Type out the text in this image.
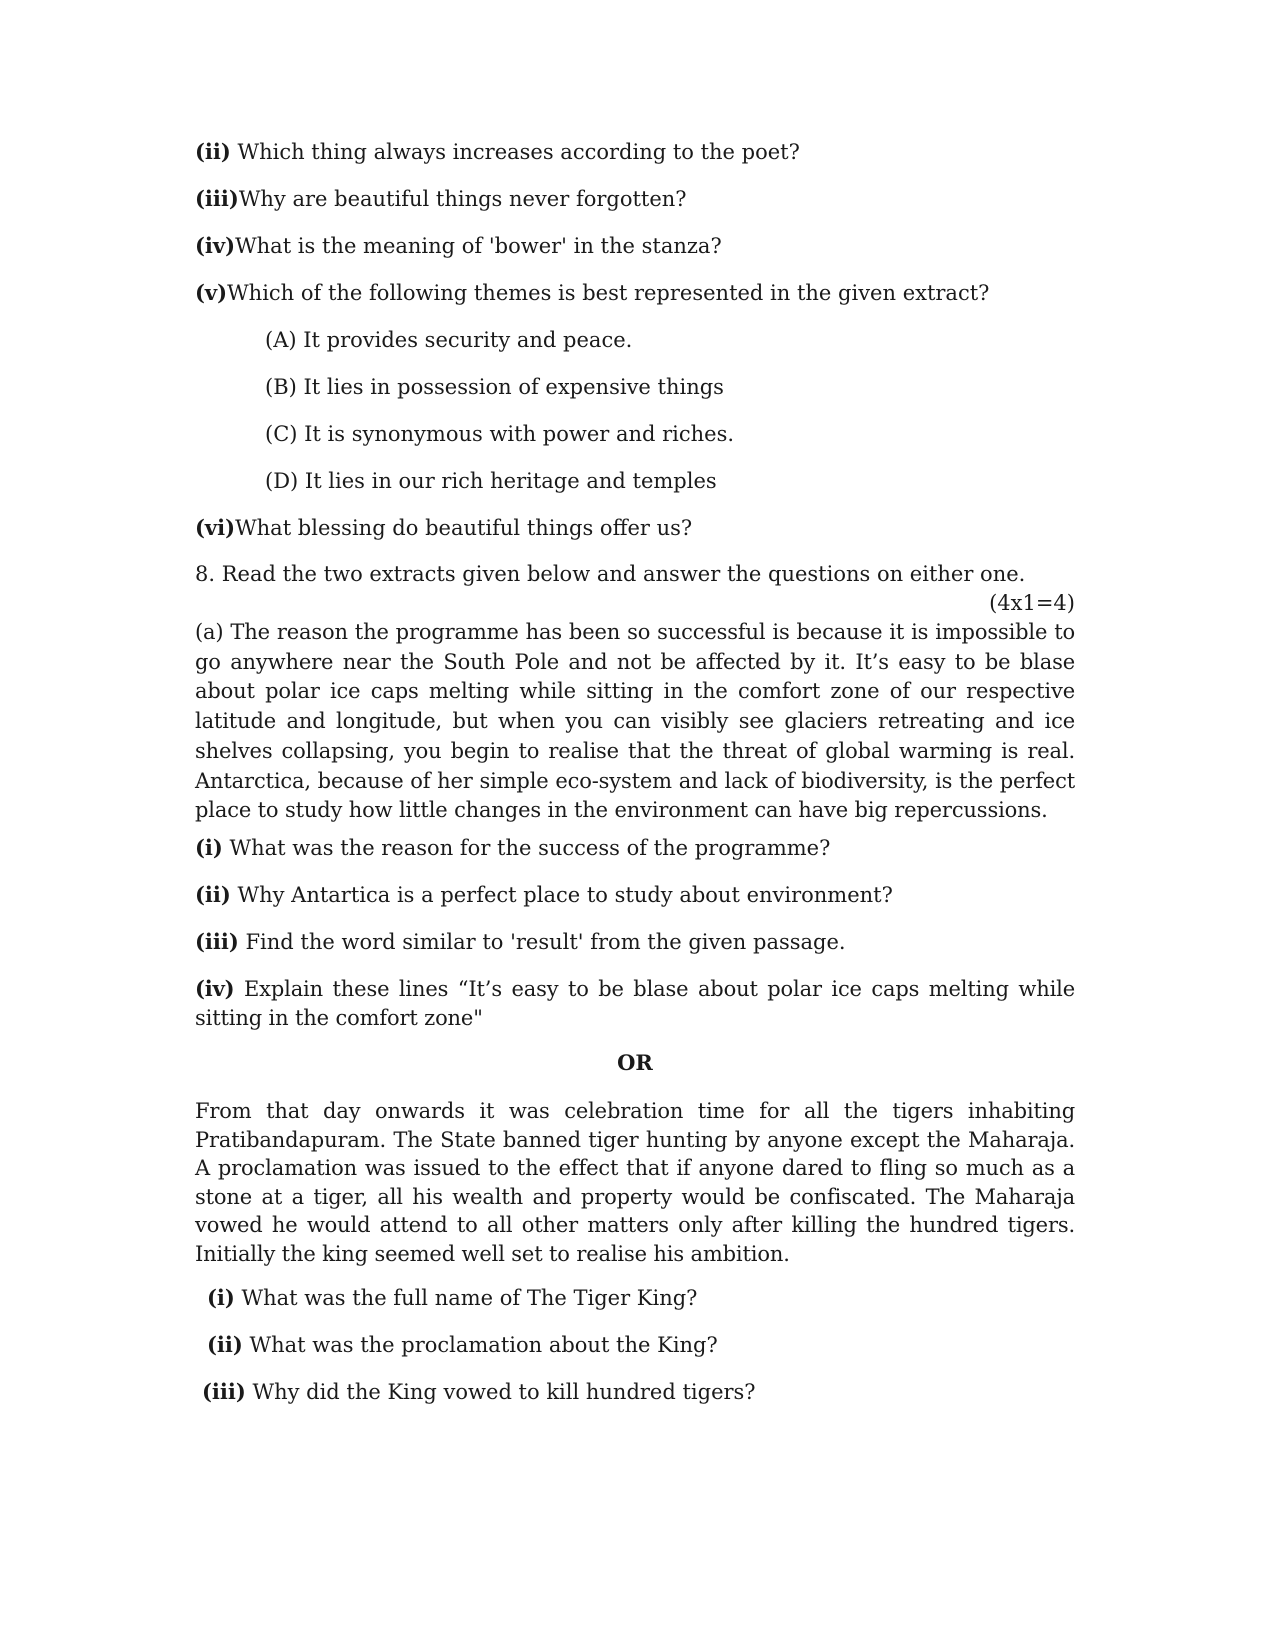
(ii) Which thing always increases according to the poet?
(iii)Why are beautiful things never forgotten?
(iv)What is the meaning of 'bower' in the stanza?
(v)Which of the following themes is best represented in the given extract?
(A) It provides security and peace.
(B) It lies in possession of expensive things
(C) It is synonymous with power and riches.
(D) It lies in our rich heritage and temples
(vi)What blessing do beautiful things offer us?
8. Read the two extracts given below and answer the questions on either one.
(4x1=4)
(a) The reason the programme has been so successful is because it is impossible to go anywhere near the South Pole and not be affected by it. It’s easy to be blase about polar ice caps melting while sitting in the comfort zone of our respective latitude and longitude, but when you can visibly see glaciers retreating and ice shelves collapsing, you begin to realise that the threat of global warming is real. Antarctica, because of her simple eco-system and lack of biodiversity, is the perfect place to study how little changes in the environment can have big repercussions.
(i) What was the reason for the success of the programme?
(ii) Why Antartica is a perfect place to study about environment?
(iii) Find the word similar to 'result' from the given passage.
(iv) Explain these lines “It’s easy to be blase about polar ice caps melting while sitting in the comfort zone"
OR
From that day onwards it was celebration time for all the tigers inhabiting Pratibandapuram. The State banned tiger hunting by anyone except the Maharaja. A proclamation was issued to the effect that if anyone dared to fling so much as a stone at a tiger, all his wealth and property would be confiscated. The Maharaja vowed he would attend to all other matters only after killing the hundred tigers. Initially the king seemed well set to realise his ambition.
(i) What was the full name of The Tiger King?
(ii) What was the proclamation about the King?
(iii) Why did the King vowed to kill hundred tigers?
